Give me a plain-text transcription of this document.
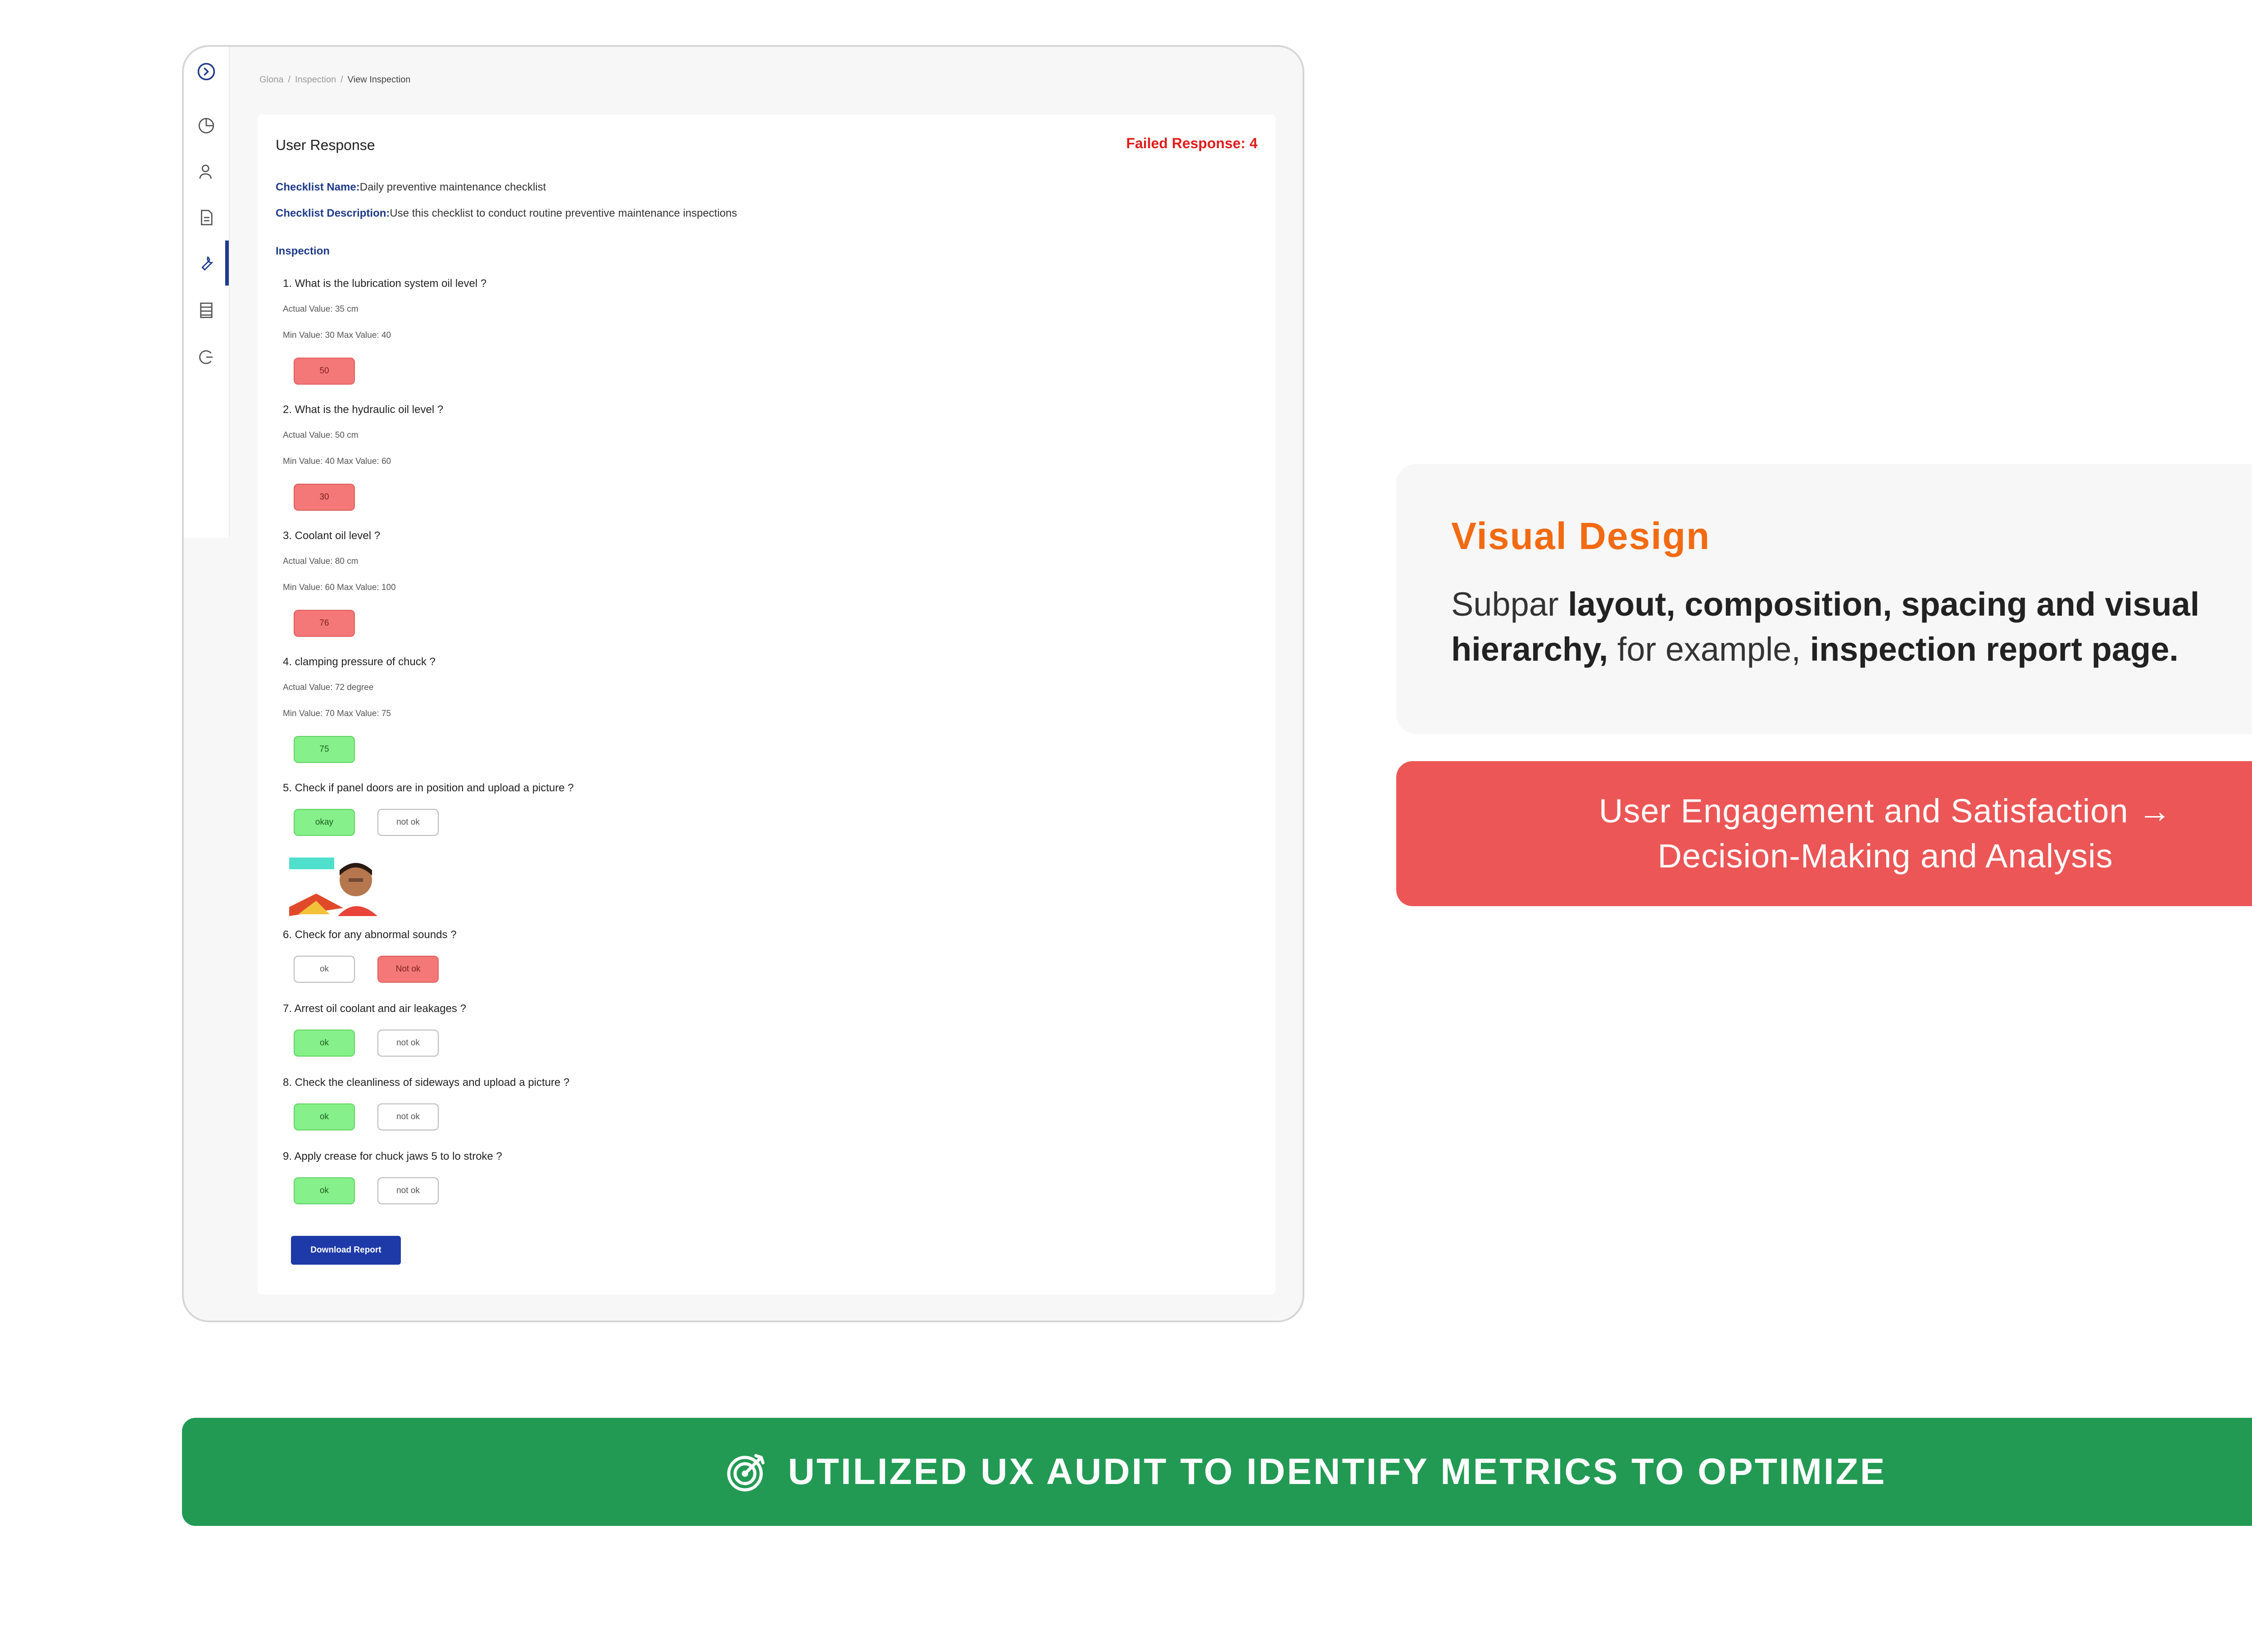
Glona / Inspection / View Inspection
User Response	Failed Response: 4
Checklist Name:Daily preventive maintenance checklist
Checklist Description:Use this checklist to conduct routine preventive maintenance inspections
Inspection
1. What is the lubrication system oil level ?
Actual Value: 35 cm
Min Value: 30 Max Value: 40
50
2. What is the hydraulic oil level ?
Actual Value: 50 cm
Min Value: 40 Max Value: 60
30
3. Coolant oil level ?
Actual Value: 80 cm
Min Value: 60 Max Value: 100
76
4. clamping pressure of chuck ?
Actual Value: 72 degree
Min Value: 70 Max Value: 75
75
5. Check if panel doors are in position and upload a picture ?
okay	not ok
6. Check for any abnormal sounds ?
ok	Not ok
7. Arrest oil coolant and air leakages ?
ok	not ok
8. Check the cleanliness of sideways and upload a picture ?
ok	not ok
9. Apply crease for chuck jaws 5 to lo stroke ?
ok	not ok
Download Report
Visual Design
Subpar layout, composition, spacing and visual
hierarchy, for example, inspection report page.
User Engagement and Satisfaction →
Decision-Making and Analysis
UTILIZED UX AUDIT TO IDENTIFY METRICS TO OPTIMIZE
